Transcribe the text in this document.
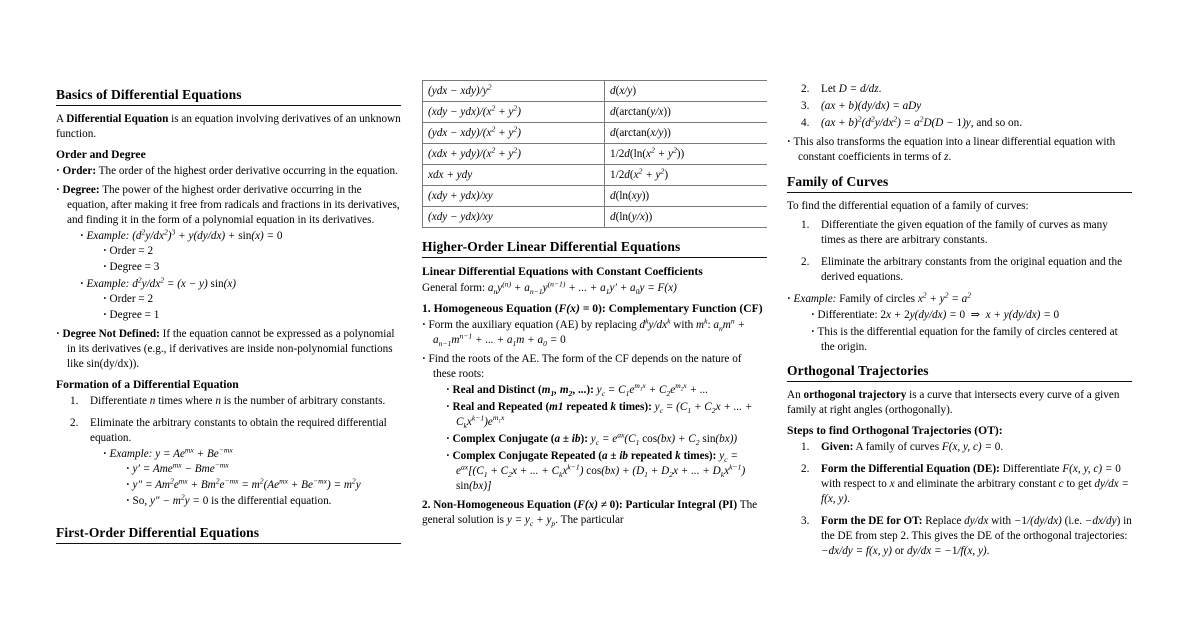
Basics of Differential Equations

A Differential Equation is an equation involving derivatives of an unknown function.

Order and Degree
· Order: The order of the highest order derivative occurring in the equation.
· Degree: The power of the highest order derivative occurring in the equation, after making it free from radicals and fractions in its derivatives, and finding it in the form of a polynomial equation in its derivatives.
· Example: $(d^2y/dx^2)^3 + y(dy/dx) + \sin(x) = 0$
· Order = 2
· Degree = 3
· Example: $d^2y/dx^2 = (x - y)$ sin(x)
· Order = 2
· Degree = 1
· Degree Not Defined: If the equation cannot be expressed as a polynomial in its derivatives (e.g., if derivatives are inside non-polynomial functions like sin(dy/dx)).
Formation of a Differential Equation
Differentiate n times where n is the number of arbitrary constants.
Eliminate the arbitrary constants to obtain the required differential equation.
· Example: $y = Ae^{mx} + Be^{-mx}$
· y′ = Ame$^{mx}$ − Bme$^{-mx}$
· $y'' = Am^2e^{mx} + Bm^2e^{-mx} = m^2(Ae^{mx} + Be^{-mx}) = m^2y$
· So, $y'' - m^2y = 0$ is the differential equation.
First-Order Differential Equations
$(ydx - xdy)/y^2$	d(x/y)
$(xdy - ydx)/(x^2 + y^2)$	d(arctan(y/x))
$(ydx - xdy)/(x^2 + y^2)$	d(arctan(x/y))
$(xdx + ydy)/(x^2 + y^2)$	$1/2d(\ln(x^2 + y^2))$
xdx + ydy	$1/2d(x^2 + y^2)$
(xdy + ydx)/xy	d(ln(xy))
(xdy − ydx)/xy	d(ln(y/x))
Higher-Order Linear Differential Equations
Linear Differential Equations with Constant Coefficients

General form: $a_ny^{(n)} + a_{n-1}y^{(n-1)}$ + ... + $a_1y' + a_0y = F(x)$

1. Homogeneous Equation (F(x) = 0): Complementary Function (CF)
· Form the auxiliary equation (AE) by replacing $d^ky/dx^k$ with $m^k$: $a_nm^n + a_{n-1}m^{n-1}$ + ... + $a_1m + a_0 = 0$
· Find the roots of the AE. The form of the CF depends on the nature of these roots:
· Real and Distinct ($m_1$, $m_2$, ...): $y_c = C_1e^{m_1x} + C_2e^{m_2x}$ + ...
· Real and Repeated (m1 repeated k times): $y_c = (C_1 + C_2x$ + ... + $C_kx^{k-1})e^{m_1x}$
· Complex Conjugate (a ± ib): $y_c = e^{ax}(C_1$ $\cos(bx) + C_2$ sin(bx))
· Complex Conjugate Repeated (a ± ib repeated k times): $y_c = e^{ax}[(C_1 + C_2x$ + ... + $C_kx^{k-1}$) $\cos(bx) + (D_1 + D_2x$ + ... + $D_kx^{k-1}$) sin(bx)]

2. Non-Homogeneous Equation (F(x) ≠ 0): Particular Integral (PI) The general solution is $y = y_c + y_p$. The particular

Let D = d/dz.
(ax + b)(dy/dx) = aDy
$(ax + b)^2(d^2y/dx^2) = a^2D(D - 1)y$, and so on.
· This also transforms the equation into a linear differential equation with constant coefficients in terms of z.
Family of Curves

To find the differential equation of a family of curves:

Differentiate the given equation of the family of curves as many times as there are arbitrary constants.
Eliminate the arbitrary constants from the original equation and the derived equations.
· Example: Family of circles $x^2 + y^2 = a^2$
· Differentiate: 2x + 2y(dy/dx) = 0  ⇒  x + y(dy/dx) = 0
· This is the differential equation for the family of circles centered at the origin.
Orthogonal Trajectories

An orthogonal trajectory is a curve that intersects every curve of a given family at right angles (orthogonally).

Steps to find Orthogonal Trajectories (OT):
Given: A family of curves F(x, y, c) = 0.
Form the Differential Equation (DE): Differentiate F(x, y, c) = 0 with respect to x and eliminate the arbitrary constant c to get dy/dx = f(x, y).
Form the DE for OT: Replace dy/dx with −1/(dy/dx) (i.e. −dx/dy) in the DE from step 2. This gives the DE of the orthogonal trajectories: −dx/dy = f(x, y) or dy/dx = −1/f(x, y).
